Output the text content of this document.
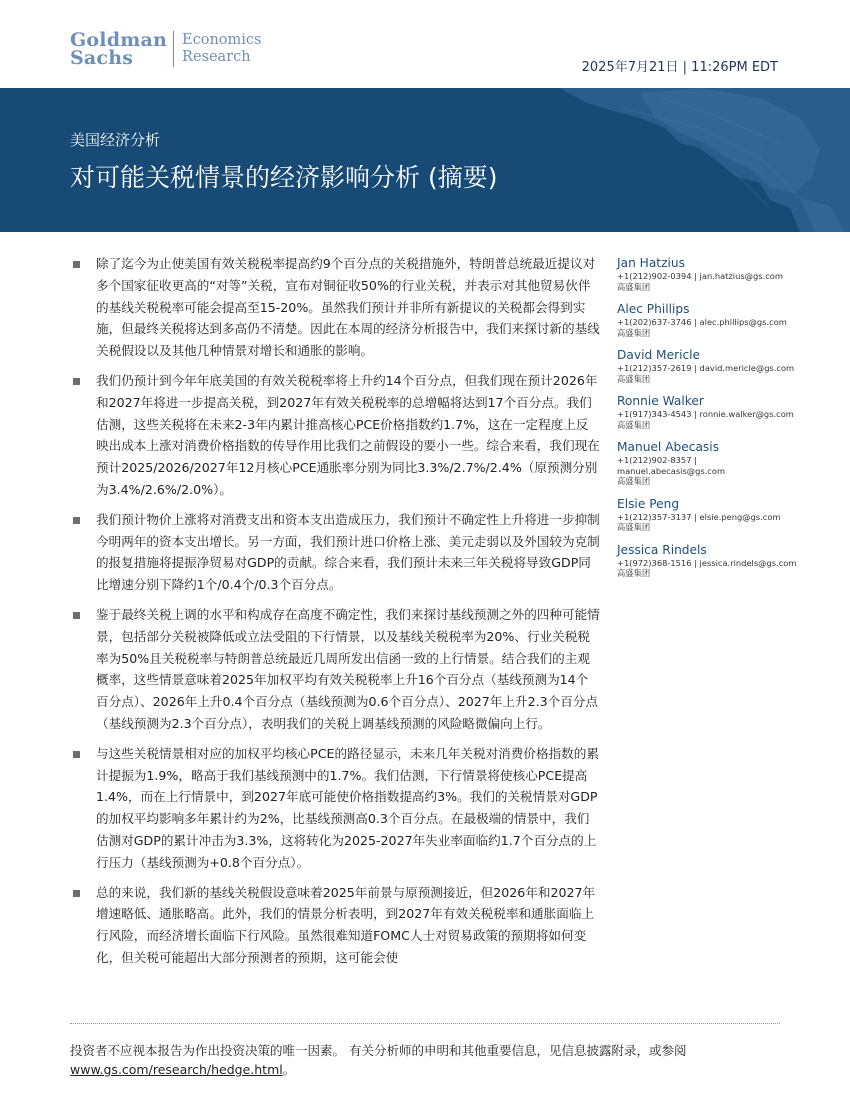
Goldman
Sachs
Economics
Research
2025年7月21日 | 11:26PM EDT
美国经济分析
对可能关税情景的经济影响分析 (摘要)
除了迄今为止使美国有效关税税率提高约9个百分点的关税措施外，特朗普总统最近提议对多个国家征收更高的“对等”关税，宣布对铜征收50%的行业关税，并表示对其他贸易伙伴的基线关税税率可能会提高至15-20%。虽然我们预计并非所有新提议的关税都会得到实施，但最终关税将达到多高仍不清楚。因此在本周的经济分析报告中，我们来探讨新的基线关税假设以及其他几种情景对增长和通胀的影响。
我们仍预计到今年年底美国的有效关税税率将上升约14个百分点，但我们现在预计2026年和2027年将进一步提高关税，到2027年有效关税税率的总增幅将达到17个百分点。我们估测，这些关税将在未来2-3年内累计推高核心PCE价格指数约1.7%，这在一定程度上反映出成本上涨对消费价格指数的传导作用比我们之前假设的要小一些。综合来看，我们现在预计2025/2026/2027年12月核心PCE通胀率分别为同比3.3%/2.7%/2.4%（原预测分别为3.4%/2.6%/2.0%）。
我们预计物价上涨将对消费支出和资本支出造成压力，我们预计不确定性上升将进一步抑制今明两年的资本支出增长。另一方面，我们预计进口价格上涨、美元走弱以及外国较为克制的报复措施将提振净贸易对GDP的贡献。综合来看，我们预计未来三年关税将导致GDP同比增速分别下降约1个/0.4个/0.3个百分点。
鉴于最终关税上调的水平和构成存在高度不确定性，我们来探讨基线预测之外的四种可能情景，包括部分关税被降低或立法受阻的下行情景，以及基线关税税率为20%、行业关税税率为50%且关税税率与特朗普总统最近几周所发出信函一致的上行情景。结合我们的主观概率，这些情景意味着2025年加权平均有效关税税率上升16个百分点（基线预测为14个百分点）、2026年上升0.4个百分点（基线预测为0.6个百分点）、2027年上升2.3个百分点（基线预测为2.3个百分点），表明我们的关税上调基线预测的风险略微偏向上行。
与这些关税情景相对应的加权平均核心PCE的路径显示，未来几年关税对消费价格指数的累计提振为1.9%，略高于我们基线预测中的1.7%。我们估测，下行情景将使核心PCE提高1.4%，而在上行情景中，到2027年底可能使价格指数提高约3%。我们的关税情景对GDP的加权平均影响多年累计约为2%，比基线预测高0.3个百分点。在最极端的情景中，我们估测对GDP的累计冲击为3.3%，这将转化为2025-2027年失业率面临约1.7个百分点的上行压力（基线预测为+0.8个百分点）。
总的来说，我们新的基线关税假设意味着2025年前景与原预测接近，但2026年和2027年增速略低、通胀略高。此外，我们的情景分析表明，到2027年有效关税税率和通胀面临上行风险，而经济增长面临下行风险。虽然很难知道FOMC人士对贸易政策的预期将如何变化，但关税可能超出大部分预测者的预期，这可能会使
Jan Hatzius
+1(212)902-0394 | jan.hatzius@gs.com
高盛集团
Alec Phillips
+1(202)637-3746 | alec.phillips@gs.com
高盛集团
David Mericle
+1(212)357-2619 | david.mericle@gs.com
高盛集团
Ronnie Walker
+1(917)343-4543 | ronnie.walker@gs.com
高盛集团
Manuel Abecasis
+1(212)902-8357 | manuel.abecasis@gs.com
高盛集团
Elsie Peng
+1(212)357-3137 | elsie.peng@gs.com
高盛集团
Jessica Rindels
+1(972)368-1516 | jessica.rindels@gs.com
高盛集团
投资者不应视本报告为作出投资决策的唯一因素。 有关分析师的申明和其他重要信息，见信息披露附录，或参阅 www.gs.com/research/hedge.html。
